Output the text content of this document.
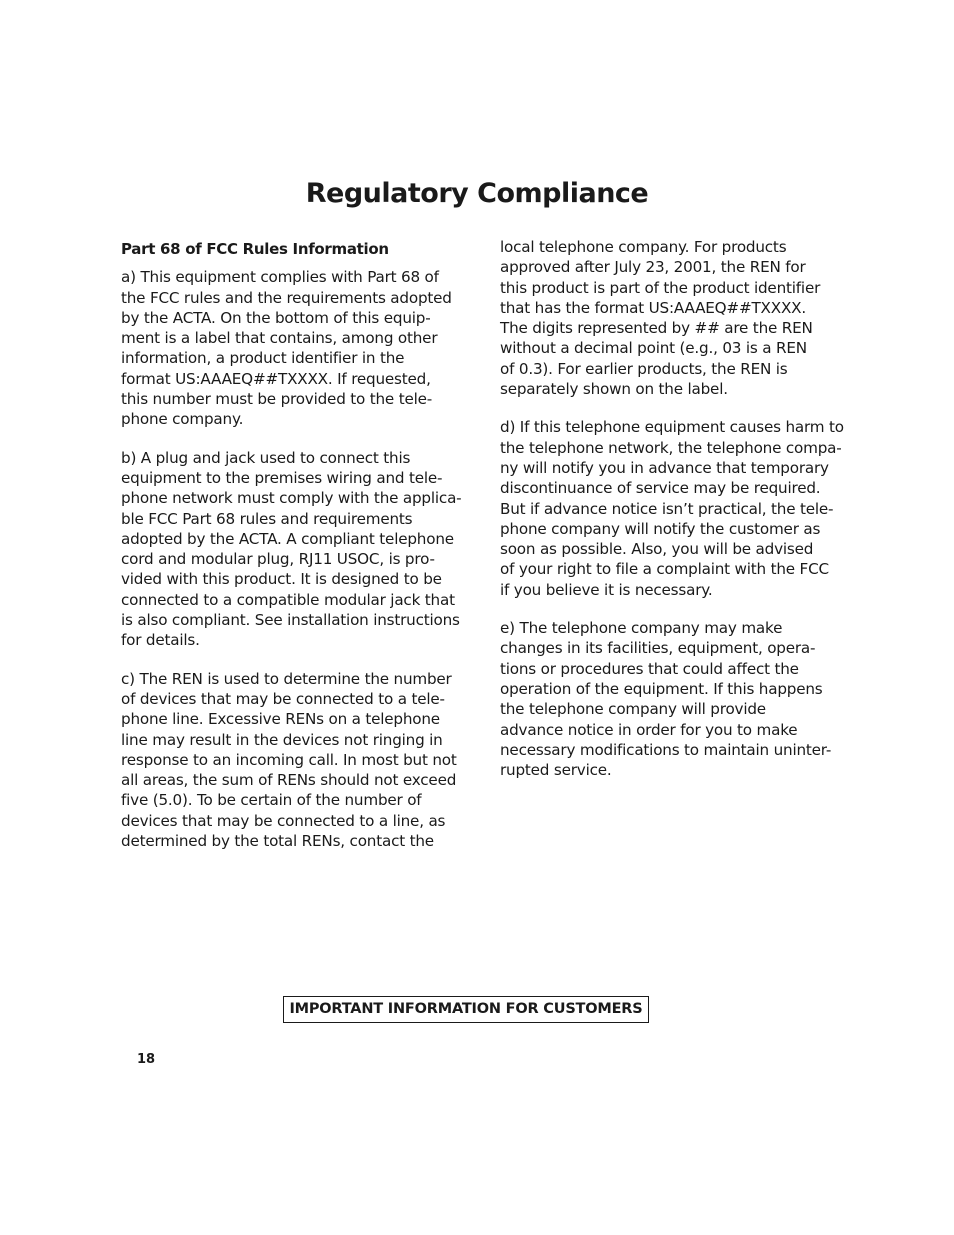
Regulatory Compliance
Part 68 of FCC Rules Information

a) This equipment complies with Part 68 of
the FCC rules and the requirements adopted
by the ACTA. On the bottom of this equip-
ment is a label that contains, among other
information, a product identifier in the
format US:AAAEQ##TXXXX. If requested,
this number must be provided to the tele-
phone company.

b) A plug and jack used to connect this
equipment to the premises wiring and tele-
phone network must comply with the applica-
ble FCC Part 68 rules and requirements
adopted by the ACTA. A compliant telephone
cord and modular plug, RJ11 USOC, is pro-
vided with this product. It is designed to be
connected to a compatible modular jack that
is also compliant. See installation instructions
for details.

c) The REN is used to determine the number
of devices that may be connected to a tele-
phone line. Excessive RENs on a telephone
line may result in the devices not ringing in
response to an incoming call. In most but not
all areas, the sum of RENs should not exceed
five (5.0). To be certain of the number of
devices that may be connected to a line, as
determined by the total RENs, contact the

local telephone company. For products
approved after July 23, 2001, the REN for
this product is part of the product identifier
that has the format US:AAAEQ##TXXXX.
The digits represented by ## are the REN
without a decimal point (e.g., 03 is a REN
of 0.3). For earlier products, the REN is
separately shown on the label.

d) If this telephone equipment causes harm to
the telephone network, the telephone compa-
ny will notify you in advance that temporary
discontinuance of service may be required.
But if advance notice isn’t practical, the tele-
phone company will notify the customer as
soon as possible. Also, you will be advised
of your right to file a complaint with the FCC
if you believe it is necessary.

e) The telephone company may make
changes in its facilities, equipment, opera-
tions or procedures that could affect the
operation of the equipment. If this happens
the telephone company will provide
advance notice in order for you to make
necessary modifications to maintain uninter-
rupted service.

IMPORTANT INFORMATION FOR CUSTOMERS
18
